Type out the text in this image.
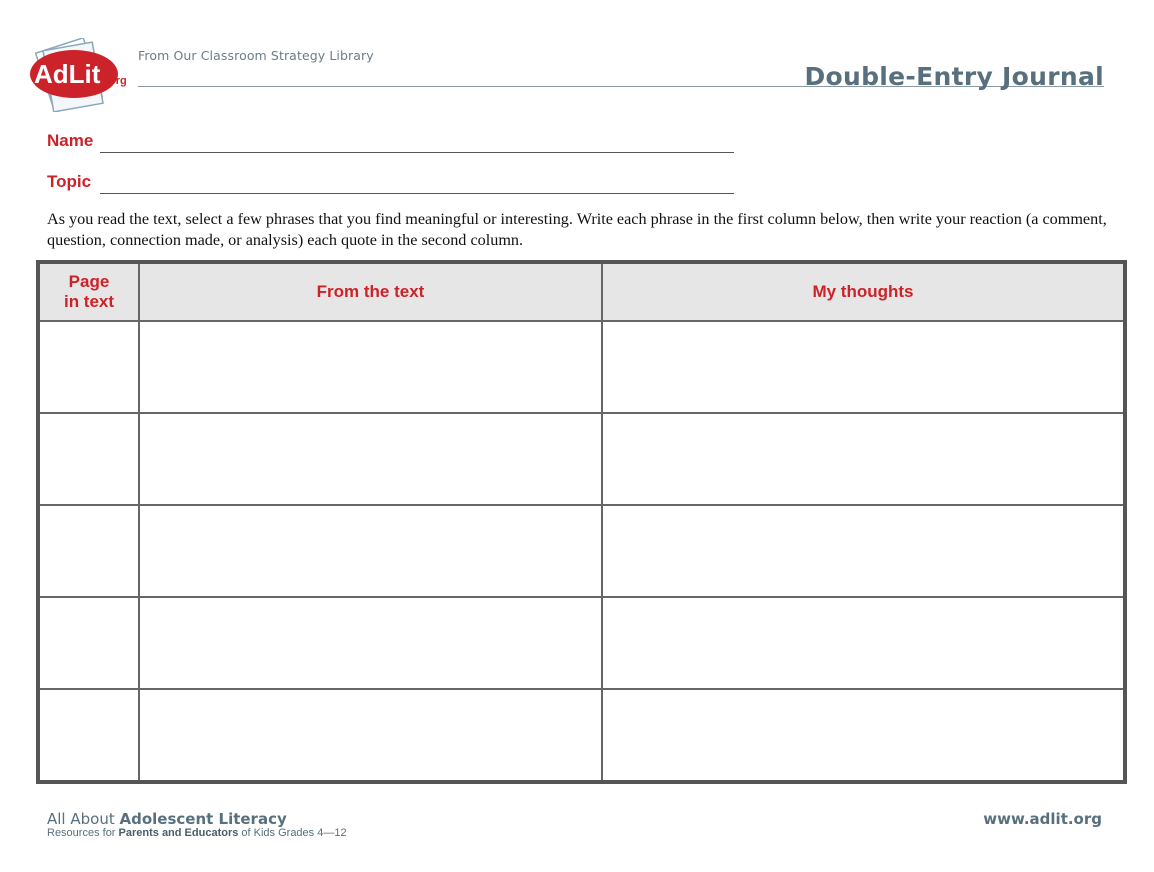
AdLit .org
From Our Classroom Strategy Library
Double-Entry Journal
Name
Topic
As you read the text, select a few phrases that you find meaningful or interesting. Write each phrase in the first column below, then write your reaction (a comment, question, connection made, or analysis) each quote in the second column.
Page in text	From the text	My thoughts

All About Adolescent Literacy
Resources for Parents and Educators of Kids Grades 4—12
www.adlit.org
